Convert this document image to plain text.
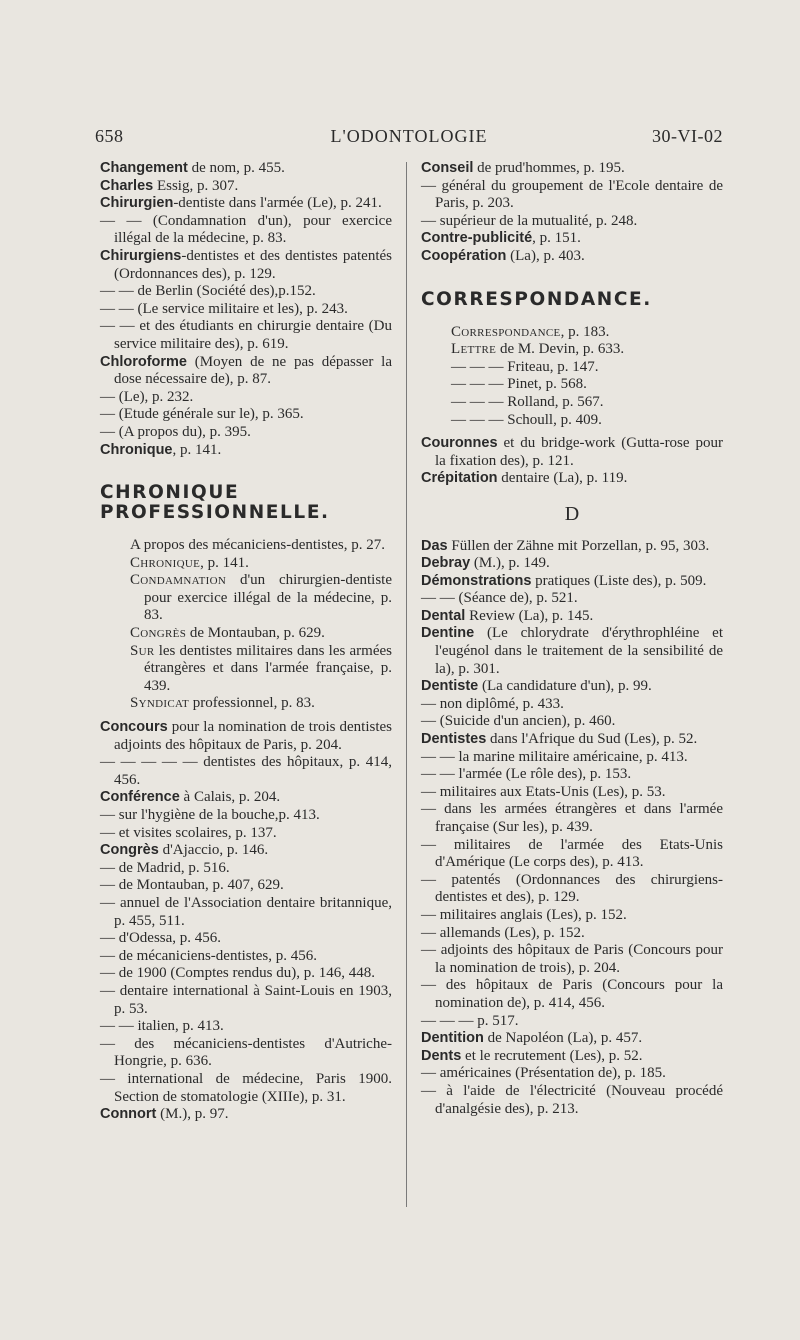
658	L'ODONTOLOGIE	30-VI-02

Changement de nom, p. 455.

Charles Essig, p. 307.

Chirurgien-dentiste dans l'armée (Le), p. 241.

— — (Condamnation d'un), pour exercice illégal de la médecine, p. 83.

Chirurgiens-dentistes et des dentistes patentés (Ordonnances des), p. 129.

— — de Berlin (Société des),p.152.

— — (Le service militaire et les), p. 243.

— — et des étudiants en chirurgie dentaire (Du service militaire des), p. 619.

Chloroforme (Moyen de ne pas dépasser la dose nécessaire de), p. 87.

— (Le), p. 232.

— (Etude générale sur le), p. 365.

— (A propos du), p. 395.

Chronique, p. 141.

CHRONIQUE PROFESSIONNELLE.

A propos des mécaniciens-dentistes, p. 27.

Chronique, p. 141.

Condamnation d'un chirurgien-dentiste pour exercice illégal de la médecine, p. 83.

Congrès de Montauban, p. 629.

Sur les dentistes militaires dans les armées étrangères et dans l'armée française, p. 439.

Syndicat professionnel, p. 83.

Concours pour la nomination de trois dentistes adjoints des hôpitaux de Paris, p. 204.

— — — — — dentistes des hôpitaux, p. 414, 456.

Conférence à Calais, p. 204.

— sur l'hygiène de la bouche,p. 413.

— et visites scolaires, p. 137.

Congrès d'Ajaccio, p. 146.

— de Madrid, p. 516.

— de Montauban, p. 407, 629.

— annuel de l'Association dentaire britannique, p. 455, 511.

— d'Odessa, p. 456.

— de mécaniciens-dentistes, p. 456.

— de 1900 (Comptes rendus du), p. 146, 448.

— dentaire international à Saint-Louis en 1903, p. 53.

— — italien, p. 413.

— des mécaniciens-dentistes d'Autriche-Hongrie, p. 636.

— international de médecine, Paris 1900. Section de stomatologie (XIIIe), p. 31.

Connort (M.), p. 97.

Conseil de prud'hommes, p. 195.

— général du groupement de l'Ecole dentaire de Paris, p. 203.

— supérieur de la mutualité, p. 248.

Contre-publicité, p. 151.

Coopération (La), p. 403.

CORRESPONDANCE.

Correspondance, p. 183.

Lettre de M. Devin, p. 633.

— — — Friteau, p. 147.

— — — Pinet, p. 568.

— — — Rolland, p. 567.

— — — Schoull, p. 409.

Couronnes et du bridge-work (Gutta-rose pour la fixation des), p. 121.

Crépitation dentaire (La), p. 119.

D

Das Füllen der Zähne mit Porzellan, p. 95, 303.

Debray (M.), p. 149.

Démonstrations pratiques (Liste des), p. 509.

— — (Séance de), p. 521.

Dental Review (La), p. 145.

Dentine (Le chlorydrate d'érythrophléine et l'eugénol dans le traitement de la sensibilité de la), p. 301.

Dentiste (La candidature d'un), p. 99.

— non diplômé, p. 433.

— (Suicide d'un ancien), p. 460.

Dentistes dans l'Afrique du Sud (Les), p. 52.

— — la marine militaire américaine, p. 413.

— — l'armée (Le rôle des), p. 153.

— militaires aux Etats-Unis (Les), p. 53.

— dans les armées étrangères et dans l'armée française (Sur les), p. 439.

— militaires de l'armée des Etats-Unis d'Amérique (Le corps des), p. 413.

— patentés (Ordonnances des chirurgiens-dentistes et des), p. 129.

— militaires anglais (Les), p. 152.

— allemands (Les), p. 152.

— adjoints des hôpitaux de Paris (Concours pour la nomination de trois), p. 204.

— des hôpitaux de Paris (Concours pour la nomination de), p. 414, 456.

— — — p. 517.

Dentition de Napoléon (La), p. 457.

Dents et le recrutement (Les), p. 52.

— américaines (Présentation de), p. 185.

— à l'aide de l'électricité (Nouveau procédé d'analgésie des), p. 213.
